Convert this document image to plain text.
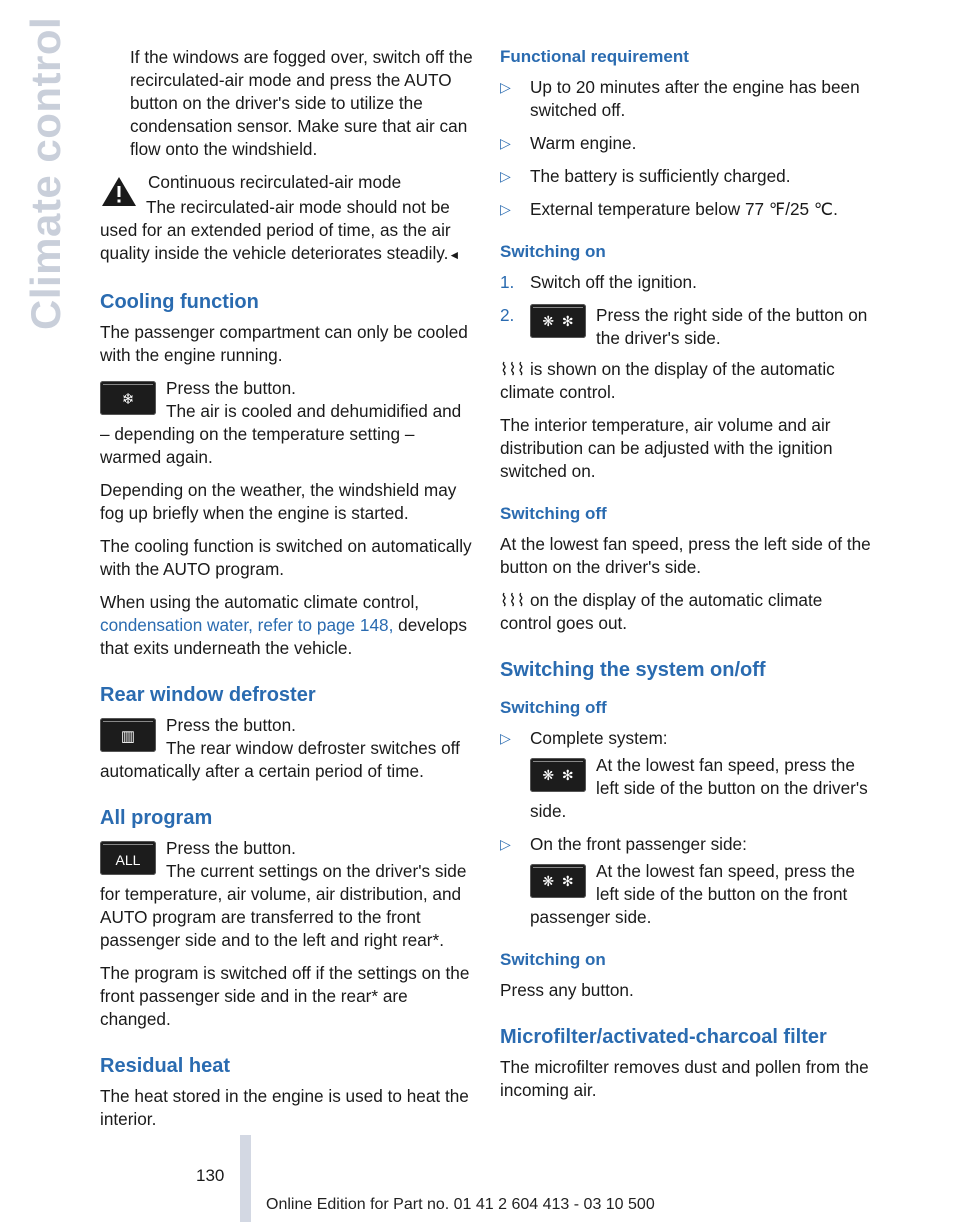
Climate control	If the windows are fogged over, switch off the recirculated-air mode and press the AUTO button on the driver's side to utilize the condensation sensor. Make sure that air can flow onto the windshield.

Continuous recirculated-air mode

The recirculated-air mode should not be used for an extended period of time, as the air quality inside the vehicle deteriorates steadily.◄

Cooling function

The passenger compartment can only be cooled with the engine running.

❄
Press the button.
The air is cooled and dehumidified and – depending on the temperature setting – warmed again.

Depending on the weather, the windshield may fog up briefly when the engine is started.

The cooling function is switched on automatically with the AUTO program.

When using the automatic climate control, condensation water, refer to page 148, develops that exits underneath the vehicle.

Rear window defroster
▥
Press the button.
The rear window defroster switches off automatically after a certain period of time.
All program
ALL
Press the button.
The current settings on the driver's side for temperature, air volume, air distribution, and AUTO program are transferred to the front passenger side and to the left and right rear*.

The program is switched off if the settings on the front passenger side and in the rear* are changed.

Residual heat

The heat stored in the engine is used to heat the interior.

Functional requirement
▷ Up to 20 minutes after the engine has been switched off.
▷ Warm engine.
▷ The battery is sufficiently charged.
▷ External temperature below 77 ℉/25 ℃.
Switching on
1. Switch off the ignition.
2.	❋  ✻	Press the right side of the button on the driver's side.

⌇⌇⌇ is shown on the display of the automatic climate control.

The interior temperature, air volume and air distribution can be adjusted with the ignition switched on.

Switching off

At the lowest fan speed, press the left side of the button on the driver's side.

⌇⌇⌇ on the display of the automatic climate control goes out.

Switching the system on/off
Switching off
▷ Complete system:
❋  ✻	At the lowest fan speed, press the left side of the button on the driver's side.
▷ On the front passenger side:
❋  ✻	At the lowest fan speed, press the left side of the button on the front passenger side.
Switching on

Press any button.

Microfilter/activated-charcoal filter

The microfilter removes dust and pollen from the incoming air.

130
Online Edition for Part no. 01 41 2 604 413 - 03 10 500
